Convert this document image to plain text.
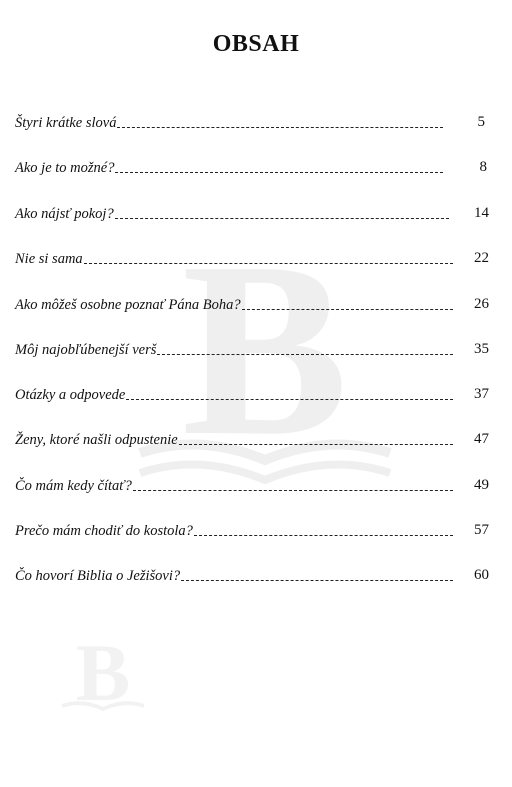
B
B
OBSAH
Štyri krátke slová	5
Ako je to možné?	8
Ako nájsť pokoj?	14
Nie si sama	22
Ako môžeš osobne poznať Pána Boha?	26
Môj najobľúbenejší verš	35
Otázky a odpovede	37
Ženy, ktoré našli odpustenie	47
Čo mám kedy čítať?	49
Prečo mám chodiť do kostola?	57
Čo hovorí Biblia o Ježišovi?	60
